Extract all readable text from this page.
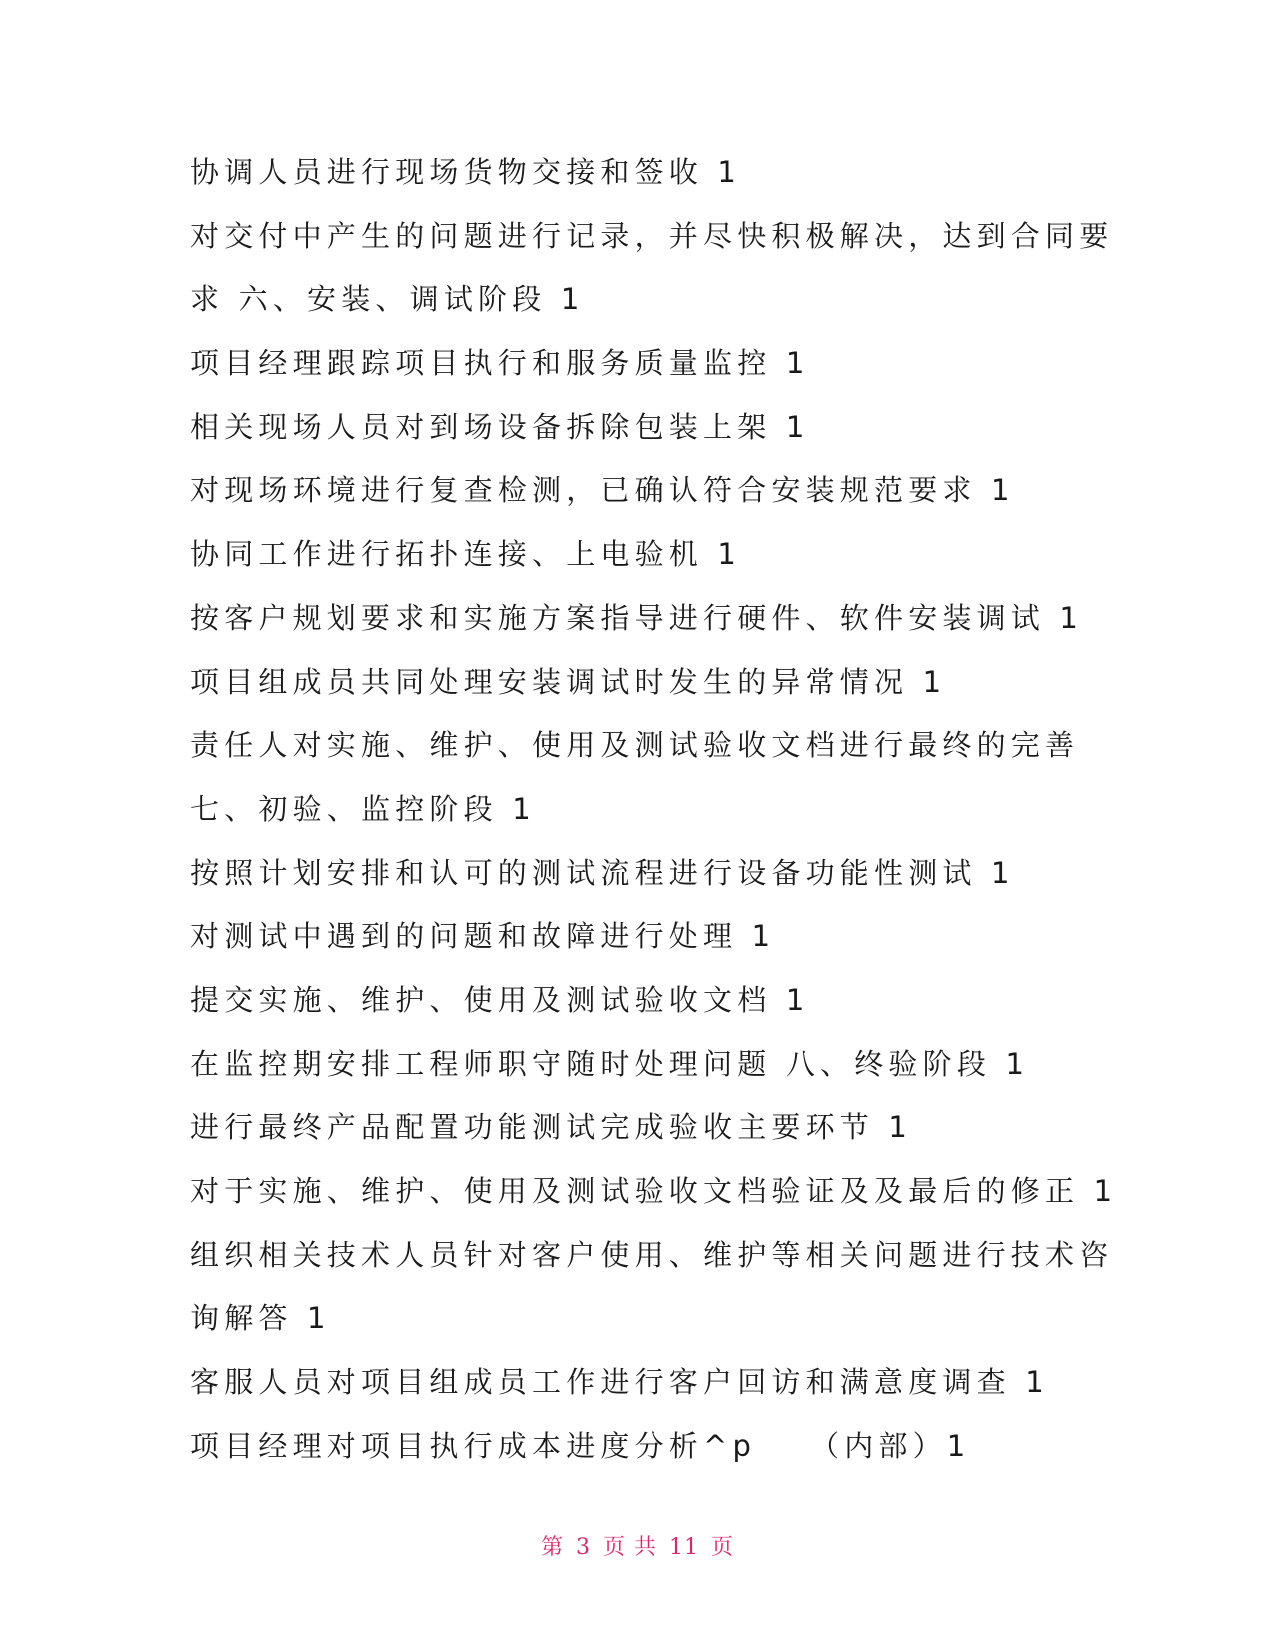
协调人员进行现场货物交接和签收 1
对交付中产生的问题进行记录，并尽快积极解决，达到合同要
求 六、安装、调试阶段 1
项目经理跟踪项目执行和服务质量监控 1
相关现场人员对到场设备拆除包装上架 1
对现场环境进行复查检测，已确认符合安装规范要求 1
协同工作进行拓扑连接、上电验机 1
按客户规划要求和实施方案指导进行硬件、软件安装调试 1
项目组成员共同处理安装调试时发生的异常情况 1
责任人对实施、维护、使用及测试验收文档进行最终的完善
七、初验、监控阶段 1
按照计划安排和认可的测试流程进行设备功能性测试 1
对测试中遇到的问题和故障进行处理 1
提交实施、维护、使用及测试验收文档 1
在监控期安排工程师职守随时处理问题 八、终验阶段 1
进行最终产品配置功能测试完成验收主要环节 1
对于实施、维护、使用及测试验收文档验证及及最后的修正 1
组织相关技术人员针对客户使用、维护等相关问题进行技术咨
询解答 1
客服人员对项目组成员工作进行客户回访和满意度调查 1
项目经理对项目执行成本进度分析^p　　（内部）1
第 3 页 共 11 页
